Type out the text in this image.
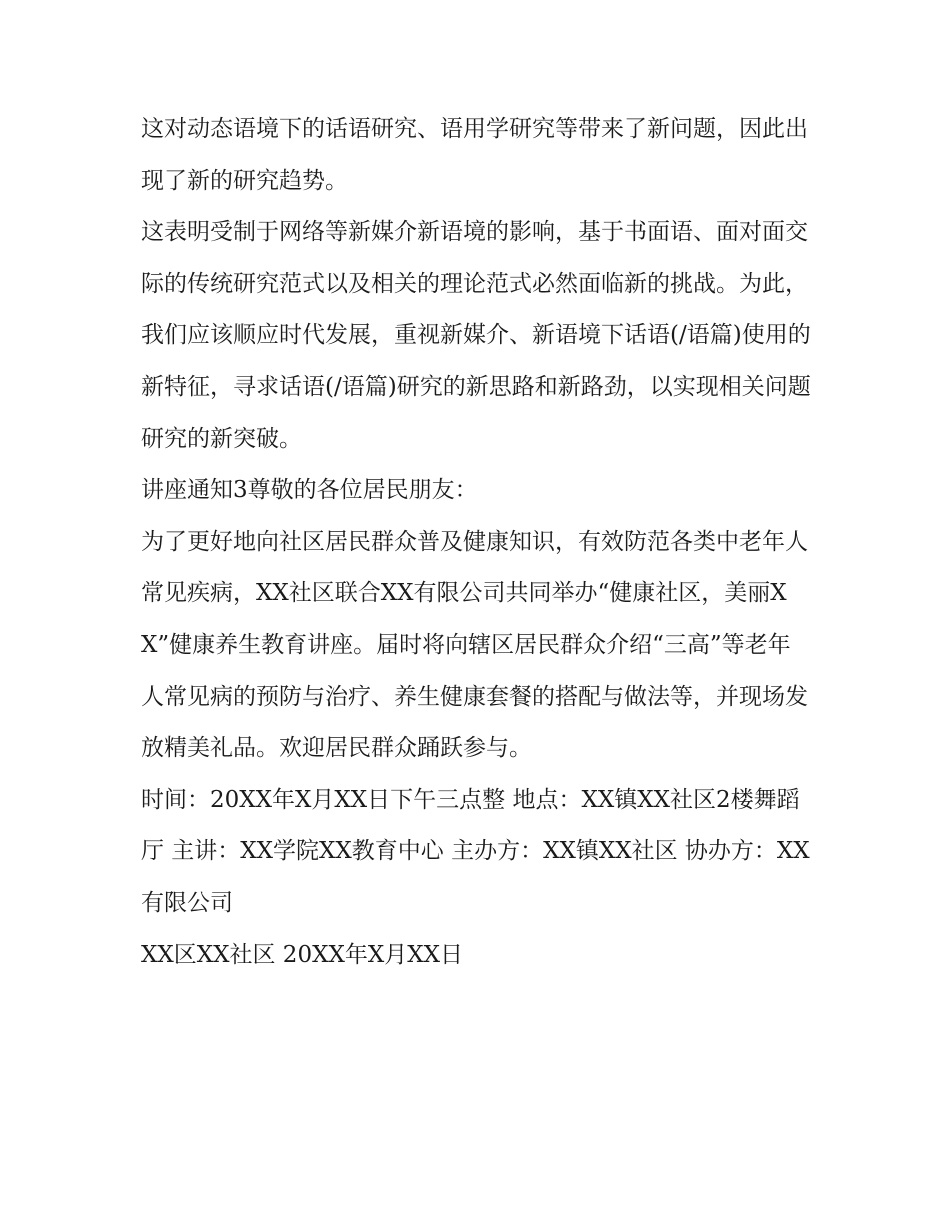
这对动态语境下的话语研究、语用学研究等带来了新问题，因此出现了新的研究趋势。

这表明受制于网络等新媒介新语境的影响，基于书面语、面对面交际的传统研究范式以及相关的理论范式必然面临新的挑战。为此，我们应该顺应时代发展，重视新媒介、新语境下话语(/语篇)使用的新特征，寻求话语(/语篇)研究的新思路和新路劲，以实现相关问题研究的新突破。

讲座通知3尊敬的各位居民朋友：

为了更好地向社区居民群众普及健康知识，有效防范各类中老年人常见疾病，XX社区联合XX有限公司共同举办“健康社区，美丽XX”健康养生教育讲座。届时将向辖区居民群众介绍“三高”等老年人常见病的预防与治疗、养生健康套餐的搭配与做法等，并现场发放精美礼品。欢迎居民群众踊跃参与。

时间：20XX年X月XX日下午三点整 地点：XX镇XX社区2楼舞蹈厅 主讲：XX学院XX教育中心 主办方：XX镇XX社区 协办方：XX有限公司

XX区XX社区 20XX年X月XX日
